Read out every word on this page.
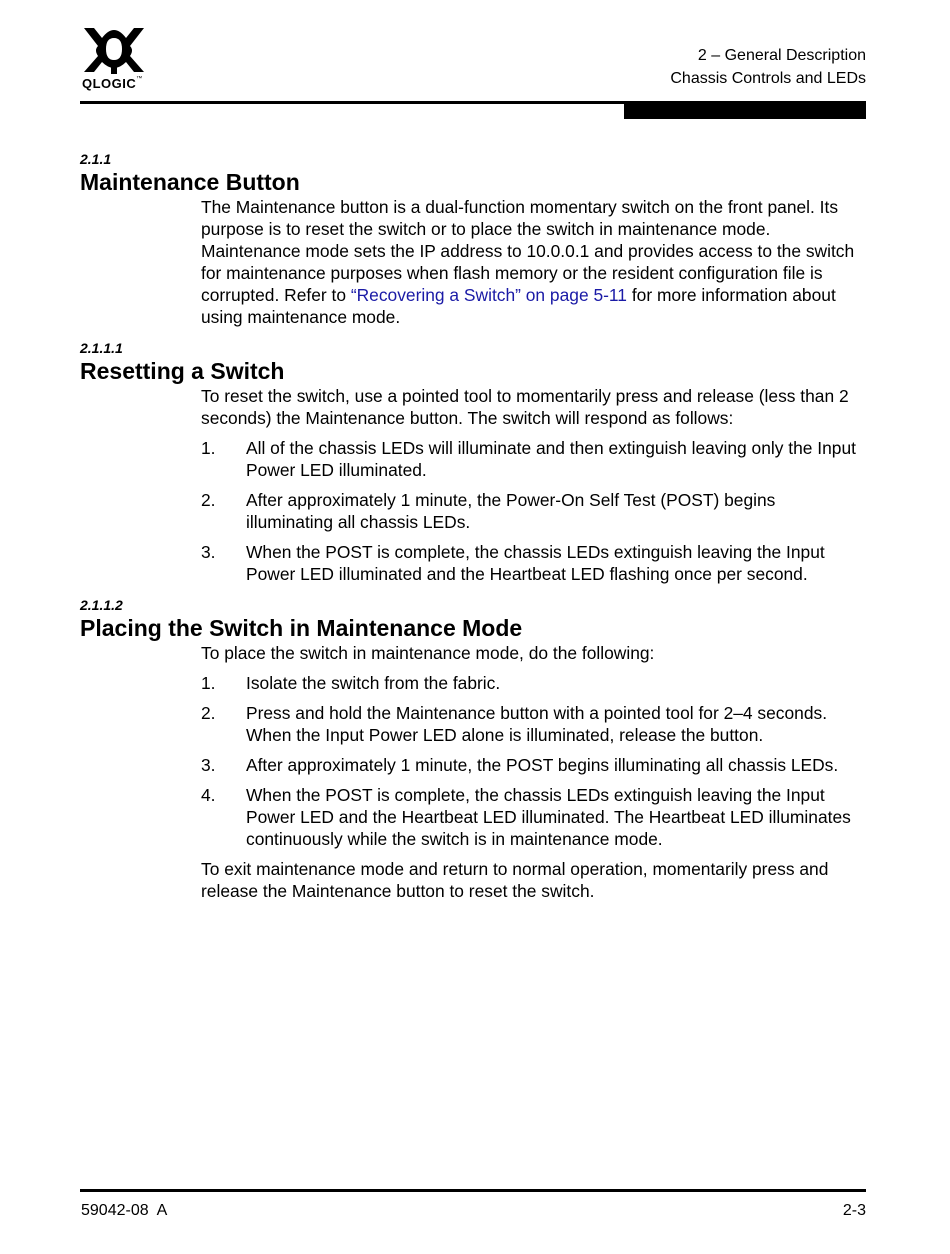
QLOGIC™
2 – General Description
Chassis Controls and LEDs

2.1.1

Maintenance Button

The Maintenance button is a dual-function momentary switch on the front panel. Its purpose is to reset the switch or to place the switch in maintenance mode. Maintenance mode sets the IP address to 10.0.0.1 and provides access to the switch for maintenance purposes when flash memory or the resident configuration file is corrupted. Refer to “Recovering a Switch” on page 5-11 for more information about using maintenance mode.

2.1.1.1

Resetting a Switch

To reset the switch, use a pointed tool to momentarily press and release (less than 2 seconds) the Maintenance button. The switch will respond as follows:

1.	All of the chassis LEDs will illuminate and then extinguish leaving only the Input Power LED illuminated.
2.	After approximately 1 minute, the Power-On Self Test (POST) begins illuminating all chassis LEDs.
3.	When the POST is complete, the chassis LEDs extinguish leaving the Input Power LED illuminated and the Heartbeat LED flashing once per second.

2.1.1.2

Placing the Switch in Maintenance Mode

To place the switch in maintenance mode, do the following:

1.	Isolate the switch from the fabric.
2.	Press and hold the Maintenance button with a pointed tool for 2–4 seconds. When the Input Power LED alone is illuminated, release the button.
3.	After approximately 1 minute, the POST begins illuminating all chassis LEDs.
4.	When the POST is complete, the chassis LEDs extinguish leaving the Input Power LED and the Heartbeat LED illuminated. The Heartbeat LED illuminates continuously while the switch is in maintenance mode.

To exit maintenance mode and return to normal operation, momentarily press and release the Maintenance button to reset the switch.

59042-08  A	2-3
